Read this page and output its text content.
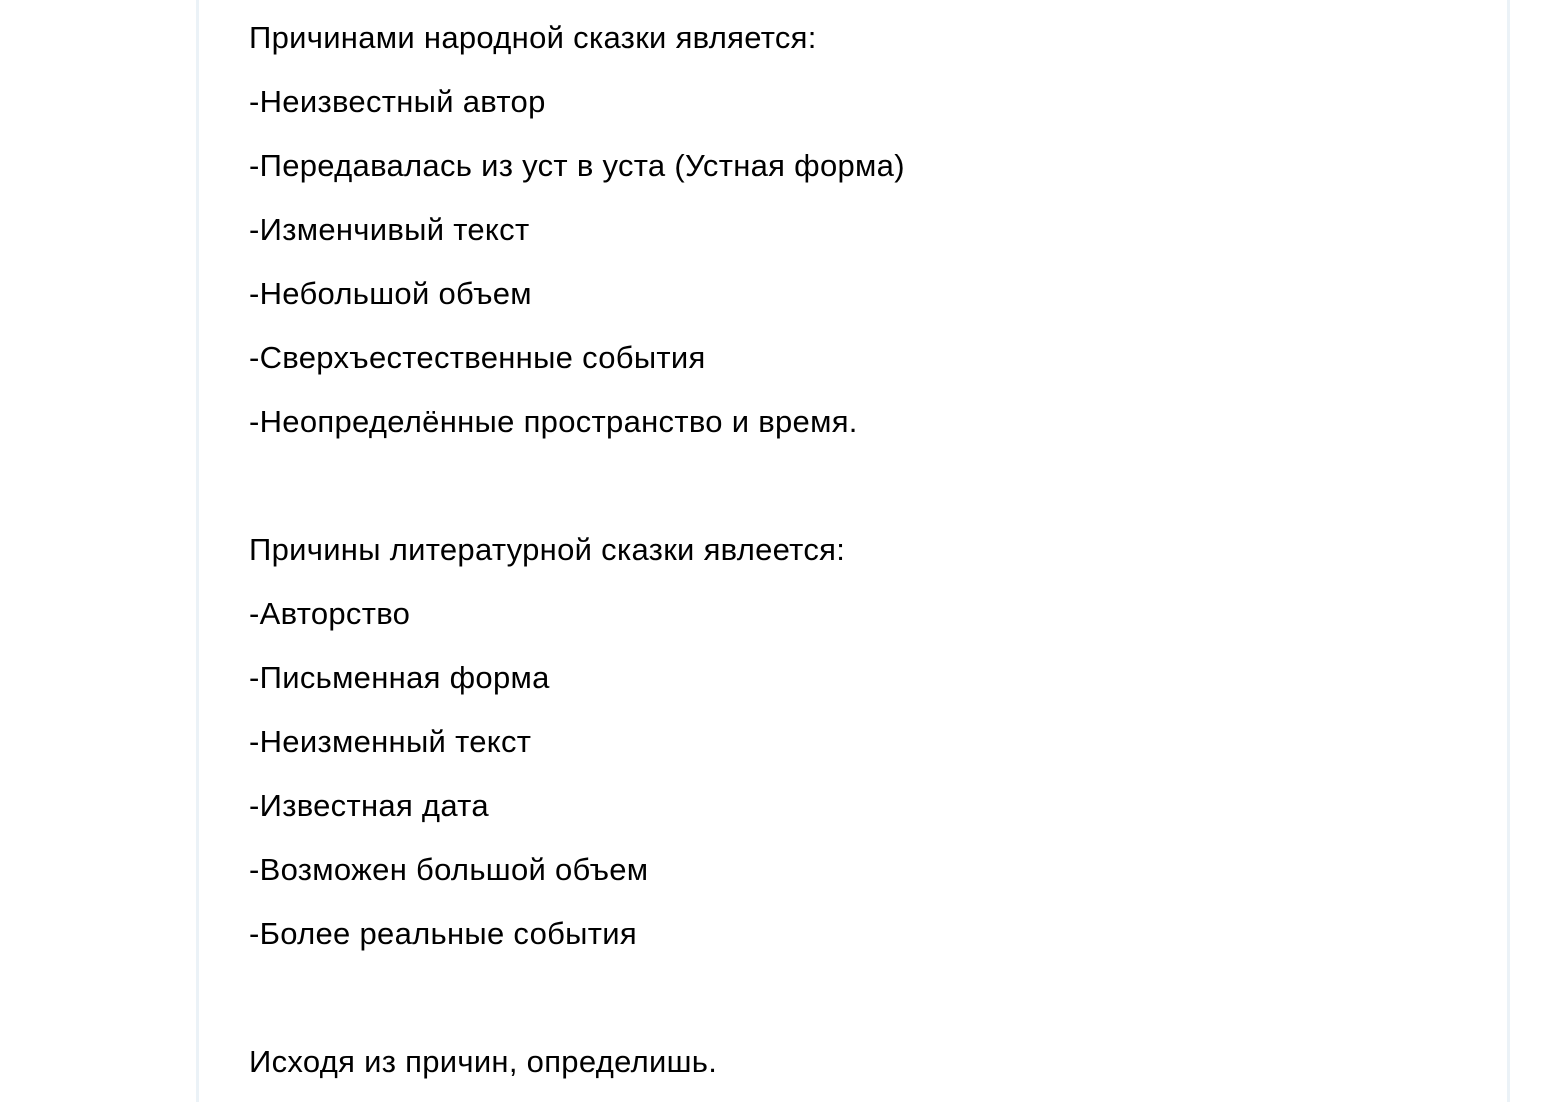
Причинами народной сказки является:
-Неизвестный автор
-Передавалась из уст в уста (Устная форма)
-Изменчивый текст
-Небольшой объем
-Сверхъестественные события
-Неопределённые пространство и время.
Причины литературной сказки явлеется:
-Авторство
-Письменная форма
-Неизменный текст
-Известная дата
-Возможен большой объем
-Более реальные события
Исходя из причин, определишь.
